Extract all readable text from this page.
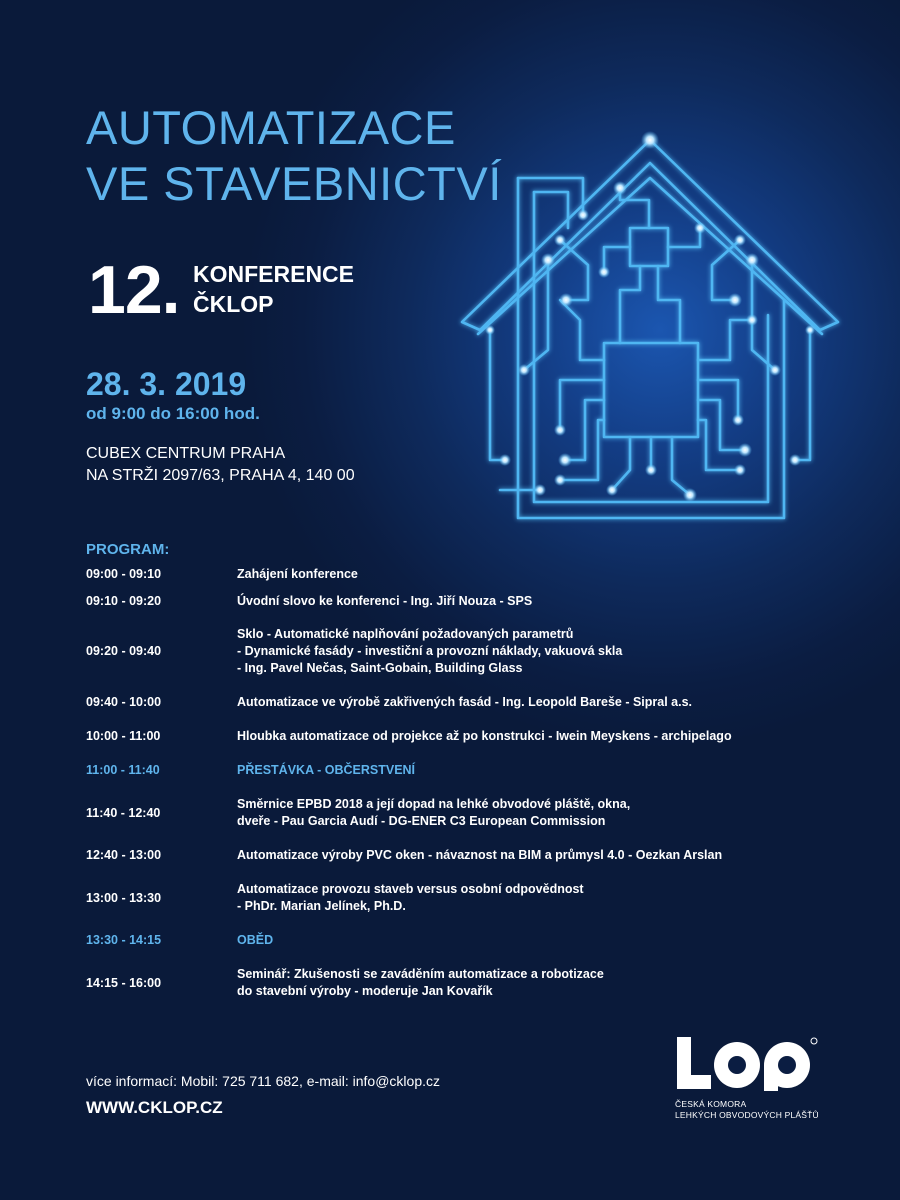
AUTOMATIZACE
VE STAVEBNICTVÍ
12. KONFERENCE
ČKLOP
28. 3. 2019
od 9:00 do 16:00 hod.
CUBEX CENTRUM PRAHA
NA STRŽI 2097/63, PRAHA 4, 140 00
PROGRAM:
09:00 - 09:10	Zahájení konference
09:10 - 09:20	Úvodní slovo ke konferenci - Ing. Jiří Nouza - SPS
09:20 - 09:40
Sklo - Automatické naplňování požadovaných parametrů
- Dynamické fasády - investiční a provozní náklady, vakuová skla
- Ing. Pavel Nečas, Saint-Gobain, Building Glass
09:40 - 10:00	Automatizace ve výrobě zakřivených fasád - Ing. Leopold Bareše - Sipral a.s.
10:00 - 11:00	Hloubka automatizace od projekce až po konstrukci - Iwein Meyskens - archipelago
11:00 - 11:40	PŘESTÁVKA - OBČERSTVENÍ
11:40 - 12:40
Směrnice EPBD 2018 a její dopad na lehké obvodové pláště, okna,
dveře - Pau Garcia Audí - DG-ENER C3 European Commission
12:40 - 13:00	Automatizace výroby PVC oken - návaznost na BIM a průmysl 4.0 - Oezkan Arslan
13:00 - 13:30
Automatizace provozu staveb versus osobní odpovědnost
- PhDr. Marian Jelínek, Ph.D.
13:30 - 14:15	OBĚD
14:15 - 16:00
Seminář: Zkušenosti se zaváděním automatizace a robotizace
do stavební výroby - moderuje Jan Kovařík
více informací: Mobil: 725 711 682, e-mail: info@cklop.cz
WWW.CKLOP.CZ	ČESKÁ KOMORA
LEHKÝCH OBVODOVÝCH PLÁŠŤŮ
